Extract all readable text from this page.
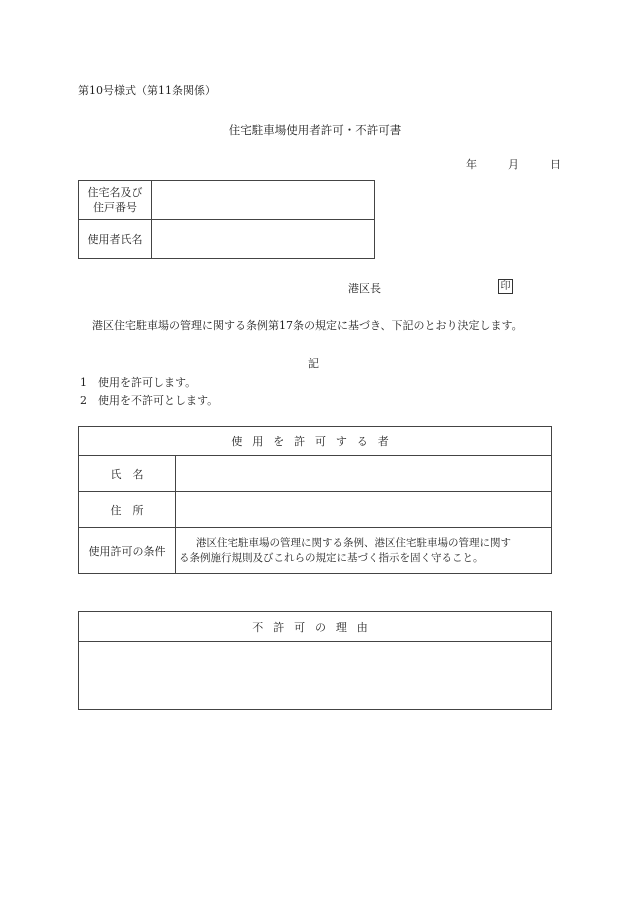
第10号様式（第11条関係）
住宅駐車場使用者許可・不許可書
年	月	日
住宅名及び
住戸番号	

使用者氏名	
港区長	印
港区住宅駐車場の管理に関する条例第17条の規定に基づき、下記のとおり決定します。
記
1　使用を許可します。
2　使用を不許可とします。
使用を許可する者	
氏　名	
住　所	
使用許可の条件	港区住宅駐車場の管理に関する条例、港区住宅駐車場の管理に関す
る条例施行規則及びこれらの規定に基づく指示を固く守ること。
不許可の理由
